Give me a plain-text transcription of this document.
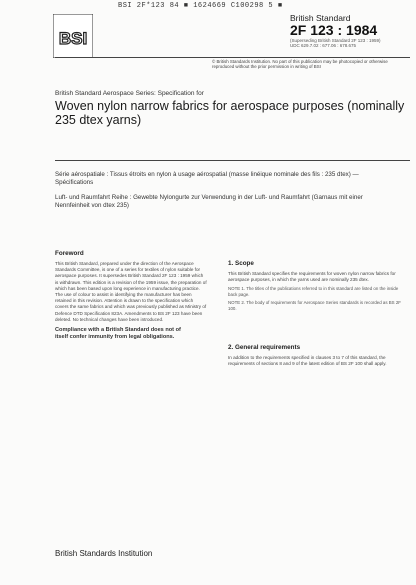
BSI 2F*123 84 ■ 1624669 C100298 5 ■
BSI
British Standard
2F 123 : 1984
(Superseding British Standard 2F 123 : 1959)
UDC 629.7.02 : 677.06 : 678.675
© British Standards Institution. No part of this publication may be photocopied or otherwise reproduced without the prior permission in writing of BSI
British Standard Aerospace Series: Specification for
Woven nylon narrow fabrics for aerospace purposes (nominally 235 dtex yarns)
Série aérospatiale : Tissus étroits en nylon à usage aérospatial (masse linéique nominale des fils : 235 dtex) — Spécifications
Luft- und Raumfahrt Reihe : Gewebte Nylongurte zur Verwendung in der Luft- und Raumfahrt (Garnaus mit einer Nennfeinheit von dtex 235)
Foreword

This British Standard, prepared under the direction of the Aerospace Standards Committee, is one of a series for textiles of nylon suitable for aerospace purposes. It supersedes British Standard 2F 123 : 1959 which is withdrawn. This edition is a revision of the 1959 issue, the preparation of which has been based upon long experience in manufacturing practice. The use of colour to assist in identifying the manufacturer has been retained in this revision. Attention is drawn to the specification which covers the same fabrics and which was previously published as Ministry of Defence DTD Specification 823A. Amendments to BS 2F 123 have been deleted. No technical changes have been introduced.

Compliance with a British Standard does not of itself confer immunity from legal obligations.
1. Scope

This British Standard specifies the requirements for woven nylon narrow fabrics for aerospace purposes, in which the yarns used are nominally 235 dtex.

NOTE 1. The titles of the publications referred to in this standard are listed on the inside back page.
NOTE 2. The body of requirements for Aerospace Series standards is recorded as BS 2F 100.
2. General requirements

In addition to the requirements specified in clauses 3 to 7 of this standard, the requirements of sections 8 and 9 of the latest edition of BS 2F 100 shall apply.

British Standards Institution
